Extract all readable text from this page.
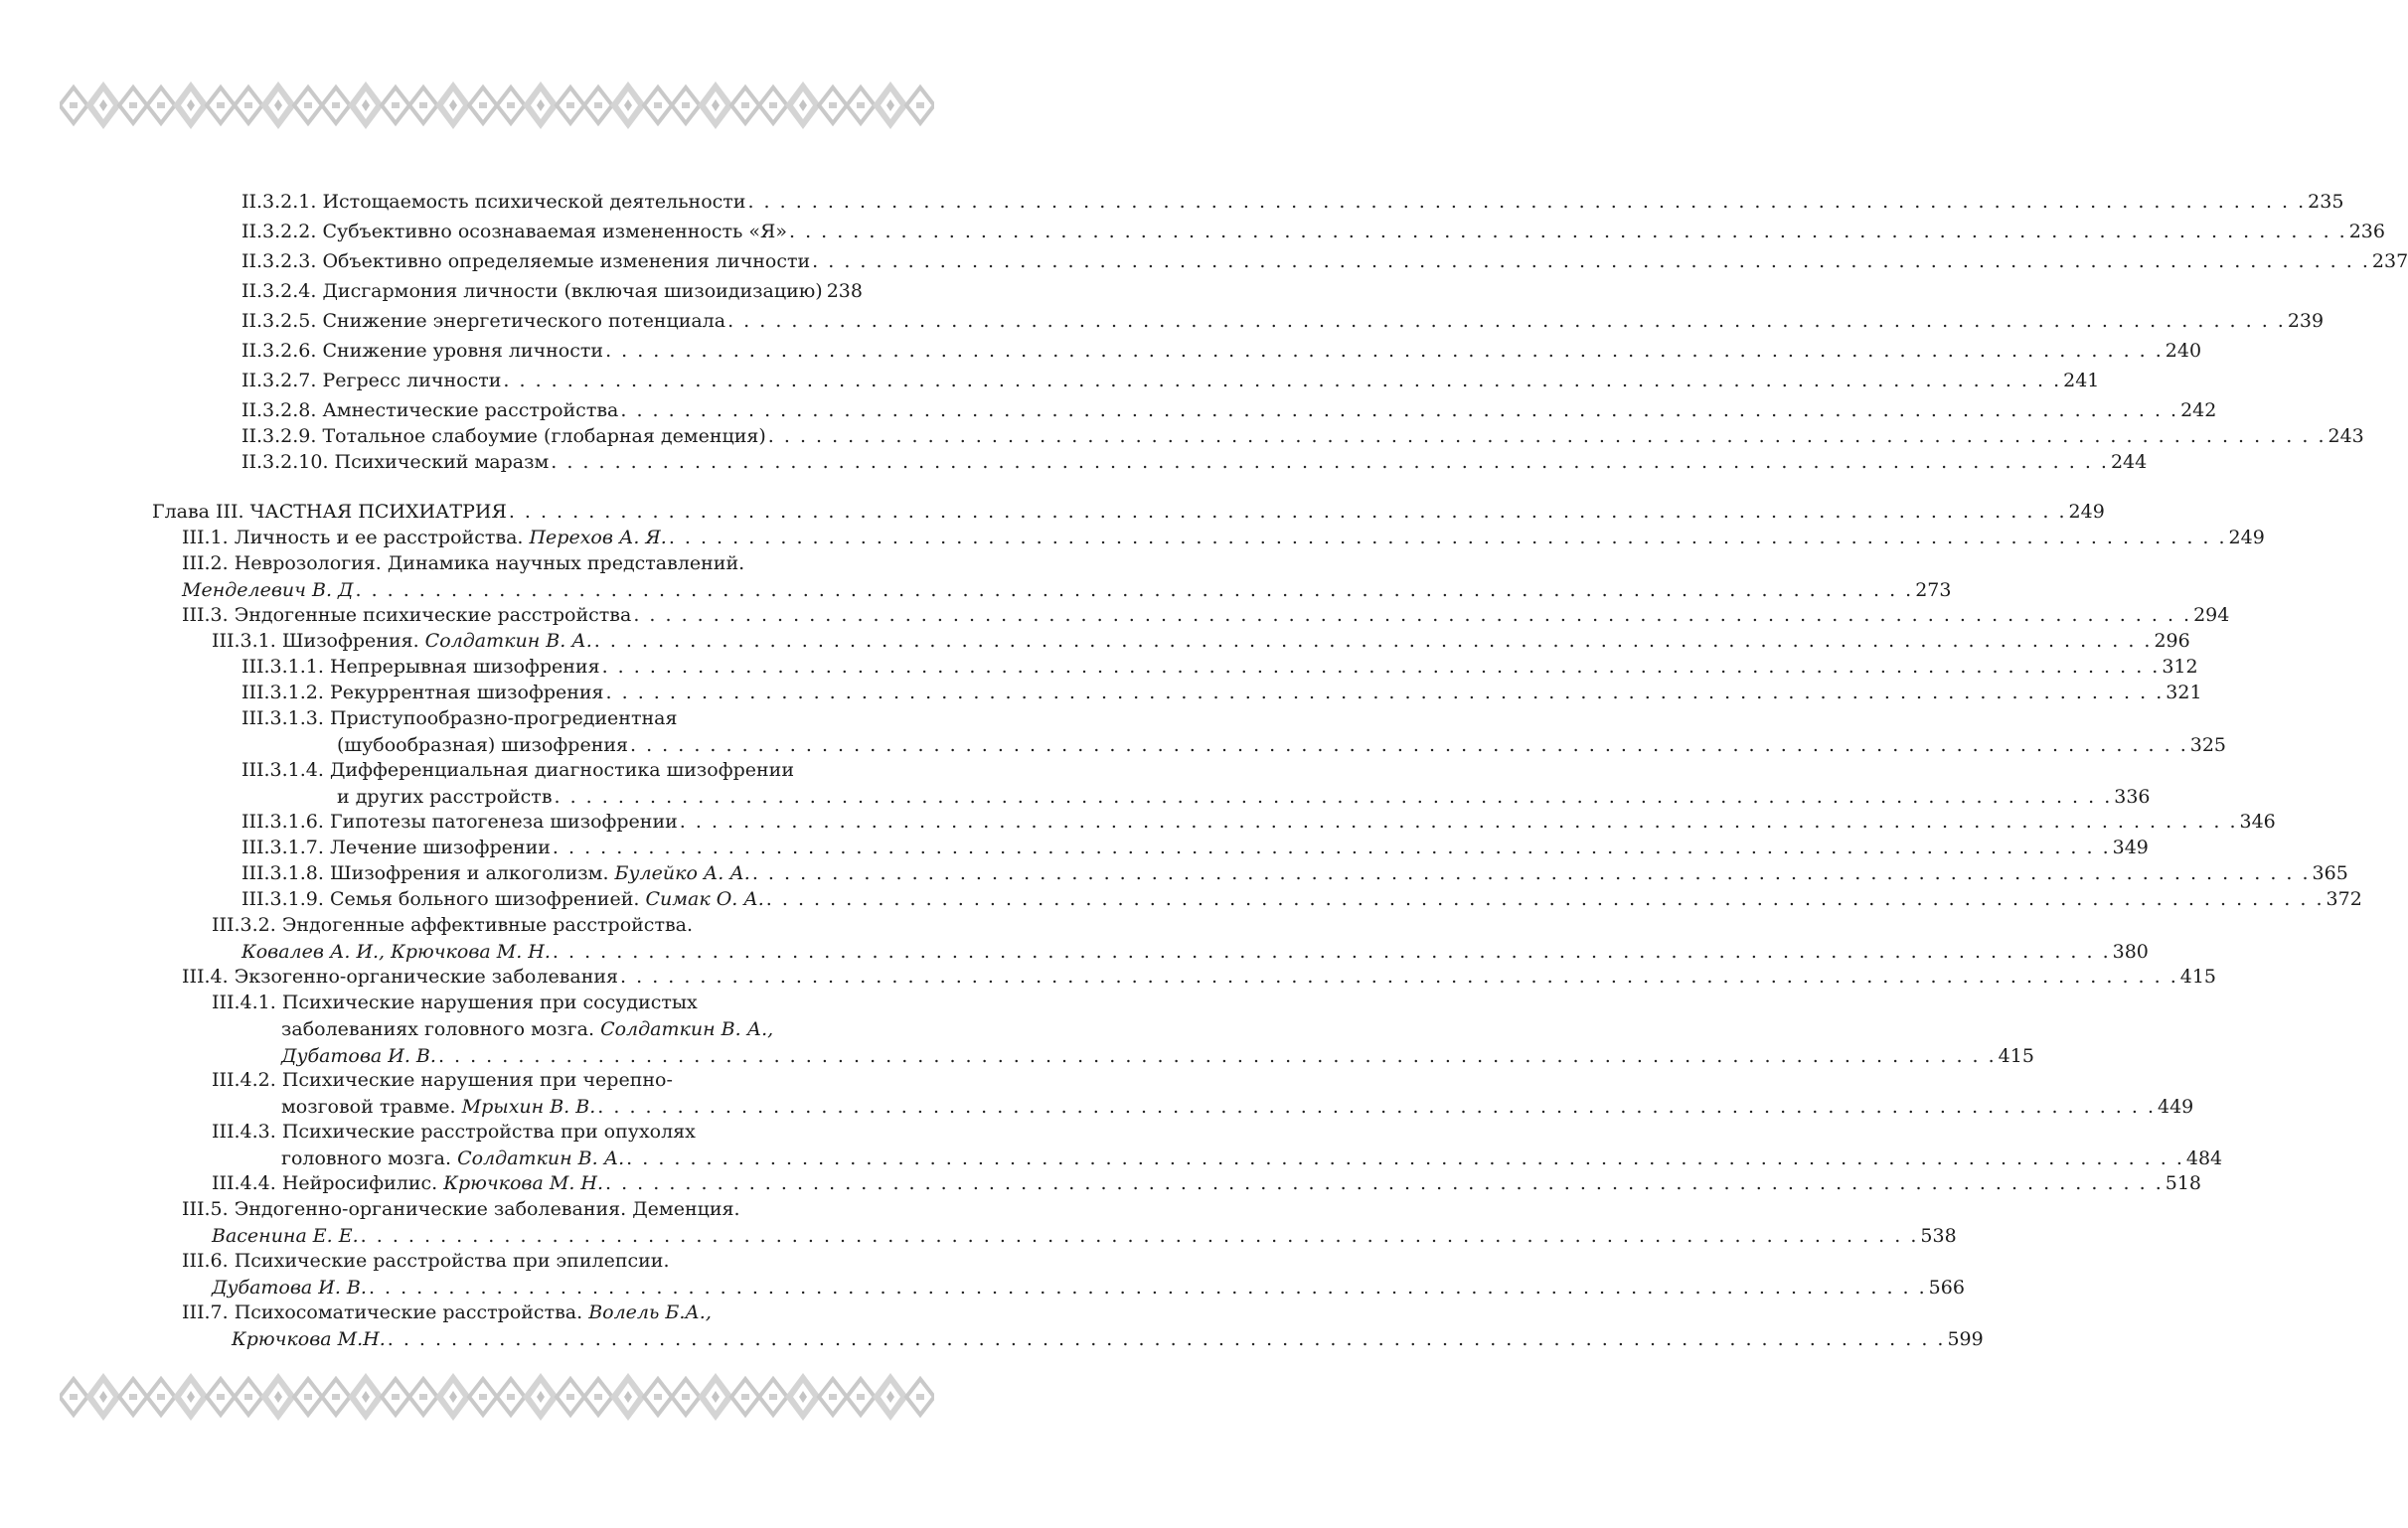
II.3.2.1. Истощаемость психической деятельности . . . . . . . . . . . . . . . . . . . . . . . . . . . . . . . . . . . . . . . . . . . . . . . . . . . . . . . . . . . . . . . . . . . . . . . . . . . . . . . . . . . . . . . . . . . . . . . . . . 235
II.3.2.2. Субъективно осознаваемая измененность «Я» . . . . . . . . . . . . . . . . . . . . . . . . . . . . . . . . . . . . . . . . . . . . . . . . . . . . . . . . . . . . . . . . . . . . . . . . . . . . . . . . . . . . . . . . . . . . . . . . . . 236
II.3.2.3. Объективно определяемые изменения личности . . . . . . . . . . . . . . . . . . . . . . . . . . . . . . . . . . . . . . . . . . . . . . . . . . . . . . . . . . . . . . . . . . . . . . . . . . . . . . . . . . . . . . . . . . . . . . . . . . 237
II.3.2.4. Дисгармония личности (включая шизоидизацию) 238
II.3.2.5. Снижение энергетического потенциала . . . . . . . . . . . . . . . . . . . . . . . . . . . . . . . . . . . . . . . . . . . . . . . . . . . . . . . . . . . . . . . . . . . . . . . . . . . . . . . . . . . . . . . . . . . . . . . . . . 239
II.3.2.6. Снижение уровня личности . . . . . . . . . . . . . . . . . . . . . . . . . . . . . . . . . . . . . . . . . . . . . . . . . . . . . . . . . . . . . . . . . . . . . . . . . . . . . . . . . . . . . . . . . . . . . . . . . . 240
II.3.2.7. Регресс личности . . . . . . . . . . . . . . . . . . . . . . . . . . . . . . . . . . . . . . . . . . . . . . . . . . . . . . . . . . . . . . . . . . . . . . . . . . . . . . . . . . . . . . . . . . . . . . . . . . 241
II.3.2.8. Амнестические расстройства . . . . . . . . . . . . . . . . . . . . . . . . . . . . . . . . . . . . . . . . . . . . . . . . . . . . . . . . . . . . . . . . . . . . . . . . . . . . . . . . . . . . . . . . . . . . . . . . . . 242
II.3.2.9. Тотальное слабоумие (глобарная деменция) . . . . . . . . . . . . . . . . . . . . . . . . . . . . . . . . . . . . . . . . . . . . . . . . . . . . . . . . . . . . . . . . . . . . . . . . . . . . . . . . . . . . . . . . . . . . . . . . . . 243
II.3.2.10. Психический маразм . . . . . . . . . . . . . . . . . . . . . . . . . . . . . . . . . . . . . . . . . . . . . . . . . . . . . . . . . . . . . . . . . . . . . . . . . . . . . . . . . . . . . . . . . . . . . . . . . . 244
Глава III. ЧАСТНАЯ ПСИХИАТРИЯ . . . . . . . . . . . . . . . . . . . . . . . . . . . . . . . . . . . . . . . . . . . . . . . . . . . . . . . . . . . . . . . . . . . . . . . . . . . . . . . . . . . . . . . . . . . . . . . . . . 249
III.1. Личность и ее расстройства. Перехов А. Я. . . . . . . . . . . . . . . . . . . . . . . . . . . . . . . . . . . . . . . . . . . . . . . . . . . . . . . . . . . . . . . . . . . . . . . . . . . . . . . . . . . . . . . . . . . . . . . . . . . 249
III.2. Неврозология. Динамика научных представлений.
Менделевич В. Д . . . . . . . . . . . . . . . . . . . . . . . . . . . . . . . . . . . . . . . . . . . . . . . . . . . . . . . . . . . . . . . . . . . . . . . . . . . . . . . . . . . . . . . . . . . . . . . . . . 273
III.3. Эндогенные психические расстройства . . . . . . . . . . . . . . . . . . . . . . . . . . . . . . . . . . . . . . . . . . . . . . . . . . . . . . . . . . . . . . . . . . . . . . . . . . . . . . . . . . . . . . . . . . . . . . . . . . 294
III.3.1. Шизофрения. Солдаткин В. А. . . . . . . . . . . . . . . . . . . . . . . . . . . . . . . . . . . . . . . . . . . . . . . . . . . . . . . . . . . . . . . . . . . . . . . . . . . . . . . . . . . . . . . . . . . . . . . . . . . 296
III.3.1.1. Непрерывная шизофрения . . . . . . . . . . . . . . . . . . . . . . . . . . . . . . . . . . . . . . . . . . . . . . . . . . . . . . . . . . . . . . . . . . . . . . . . . . . . . . . . . . . . . . . . . . . . . . . . . . 312
III.3.1.2. Рекуррентная шизофрения . . . . . . . . . . . . . . . . . . . . . . . . . . . . . . . . . . . . . . . . . . . . . . . . . . . . . . . . . . . . . . . . . . . . . . . . . . . . . . . . . . . . . . . . . . . . . . . . . . 321
III.3.1.3. Приступообразно-прогредиентная
(шубообразная) шизофрения . . . . . . . . . . . . . . . . . . . . . . . . . . . . . . . . . . . . . . . . . . . . . . . . . . . . . . . . . . . . . . . . . . . . . . . . . . . . . . . . . . . . . . . . . . . . . . . . . . 325
III.3.1.4. Дифференциальная диагностика шизофрении
и других расстройств . . . . . . . . . . . . . . . . . . . . . . . . . . . . . . . . . . . . . . . . . . . . . . . . . . . . . . . . . . . . . . . . . . . . . . . . . . . . . . . . . . . . . . . . . . . . . . . . . . 336
III.3.1.6. Гипотезы патогенеза шизофрении . . . . . . . . . . . . . . . . . . . . . . . . . . . . . . . . . . . . . . . . . . . . . . . . . . . . . . . . . . . . . . . . . . . . . . . . . . . . . . . . . . . . . . . . . . . . . . . . . . 346
III.3.1.7. Лечение шизофрении . . . . . . . . . . . . . . . . . . . . . . . . . . . . . . . . . . . . . . . . . . . . . . . . . . . . . . . . . . . . . . . . . . . . . . . . . . . . . . . . . . . . . . . . . . . . . . . . . . 349
III.3.1.8. Шизофрения и алкоголизм. Булейко А. А. . . . . . . . . . . . . . . . . . . . . . . . . . . . . . . . . . . . . . . . . . . . . . . . . . . . . . . . . . . . . . . . . . . . . . . . . . . . . . . . . . . . . . . . . . . . . . . . . . . 365
III.3.1.9. Семья больного шизофренией. Симак О. А. . . . . . . . . . . . . . . . . . . . . . . . . . . . . . . . . . . . . . . . . . . . . . . . . . . . . . . . . . . . . . . . . . . . . . . . . . . . . . . . . . . . . . . . . . . . . . . . . . . 372
III.3.2. Эндогенные аффективные расстройства.
Ковалев А. И., Крючкова М. Н. . . . . . . . . . . . . . . . . . . . . . . . . . . . . . . . . . . . . . . . . . . . . . . . . . . . . . . . . . . . . . . . . . . . . . . . . . . . . . . . . . . . . . . . . . . . . . . . . . . 380
III.4. Экзогенно-органические заболевания . . . . . . . . . . . . . . . . . . . . . . . . . . . . . . . . . . . . . . . . . . . . . . . . . . . . . . . . . . . . . . . . . . . . . . . . . . . . . . . . . . . . . . . . . . . . . . . . . . 415
III.4.1. Психические нарушения при сосудистых
заболеваниях головного мозга. Солдаткин В. А.,
Дубатова И. В. . . . . . . . . . . . . . . . . . . . . . . . . . . . . . . . . . . . . . . . . . . . . . . . . . . . . . . . . . . . . . . . . . . . . . . . . . . . . . . . . . . . . . . . . . . . . . . . . . . 415
III.4.2. Психические нарушения при черепно-
мозговой травме. Мрыхин В. В. . . . . . . . . . . . . . . . . . . . . . . . . . . . . . . . . . . . . . . . . . . . . . . . . . . . . . . . . . . . . . . . . . . . . . . . . . . . . . . . . . . . . . . . . . . . . . . . . . . 449
III.4.3. Психические расстройства при опухолях
головного мозга. Солдаткин В. А. . . . . . . . . . . . . . . . . . . . . . . . . . . . . . . . . . . . . . . . . . . . . . . . . . . . . . . . . . . . . . . . . . . . . . . . . . . . . . . . . . . . . . . . . . . . . . . . . . . 484
III.4.4. Нейросифилис. Крючкова М. Н. . . . . . . . . . . . . . . . . . . . . . . . . . . . . . . . . . . . . . . . . . . . . . . . . . . . . . . . . . . . . . . . . . . . . . . . . . . . . . . . . . . . . . . . . . . . . . . . . . . 518
III.5. Эндогенно-органические заболевания. Деменция.
Васенина Е. Е. . . . . . . . . . . . . . . . . . . . . . . . . . . . . . . . . . . . . . . . . . . . . . . . . . . . . . . . . . . . . . . . . . . . . . . . . . . . . . . . . . . . . . . . . . . . . . . . . . . 538
III.6. Психические расстройства при эпилепсии.
Дубатова И. В. . . . . . . . . . . . . . . . . . . . . . . . . . . . . . . . . . . . . . . . . . . . . . . . . . . . . . . . . . . . . . . . . . . . . . . . . . . . . . . . . . . . . . . . . . . . . . . . . . . 566
III.7. Психосоматические расстройства. Волель Б.А.,
Крючкова М.Н. . . . . . . . . . . . . . . . . . . . . . . . . . . . . . . . . . . . . . . . . . . . . . . . . . . . . . . . . . . . . . . . . . . . . . . . . . . . . . . . . . . . . . . . . . . . . . . . . . . 599
